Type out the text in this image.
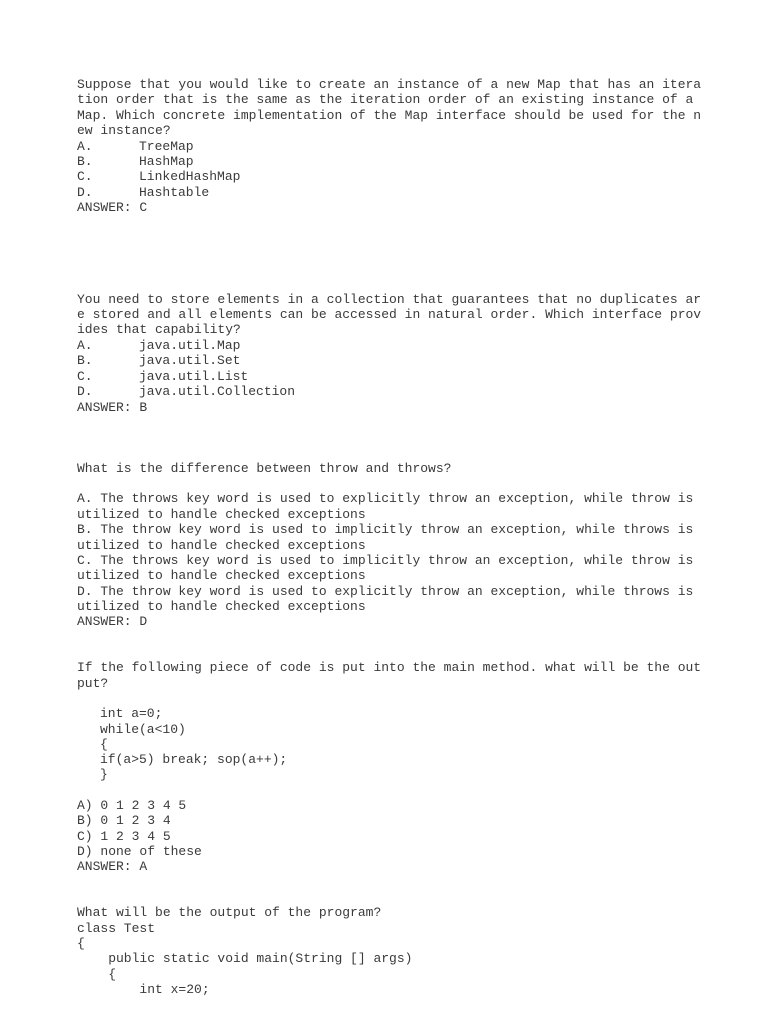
Suppose that you would like to create an instance of a new Map that has an itera

tion order that is the same as the iteration order of an existing instance of a

Map. Which concrete implementation of the Map interface should be used for the n

ew instance?

A.	TreeMap

B.	HashMap

C.	LinkedHashMap

D.	Hashtable

ANSWER: C

You need to store elements in a collection that guarantees that no duplicates ar

e stored and all elements can be accessed in natural order. Which interface prov

ides that capability?

A.	java.util.Map

B.	java.util.Set

C.	java.util.List

D.	java.util.Collection

ANSWER: B

What is the difference between throw and throws?

A. The throws key word is used to explicitly throw an exception, while throw is

utilized to handle checked exceptions

B. The throw key word is used to implicitly throw an exception, while throws is

utilized to handle checked exceptions

C. The throws key word is used to implicitly throw an exception, while throw is

utilized to handle checked exceptions

D. The throw key word is used to explicitly throw an exception, while throws is

utilized to handle checked exceptions

ANSWER: D

If the following piece of code is put into the main method. what will be the out

put?

int a=0;

while(a<10)

{

if(a>5) break; sop(a++);

}

A) 0 1 2 3 4 5

B) 0 1 2 3 4

C) 1 2 3 4 5

D) none of these

ANSWER: A

What will be the output of the program?

class Test

{

public static void main(String [] args)

{

int x=20;
